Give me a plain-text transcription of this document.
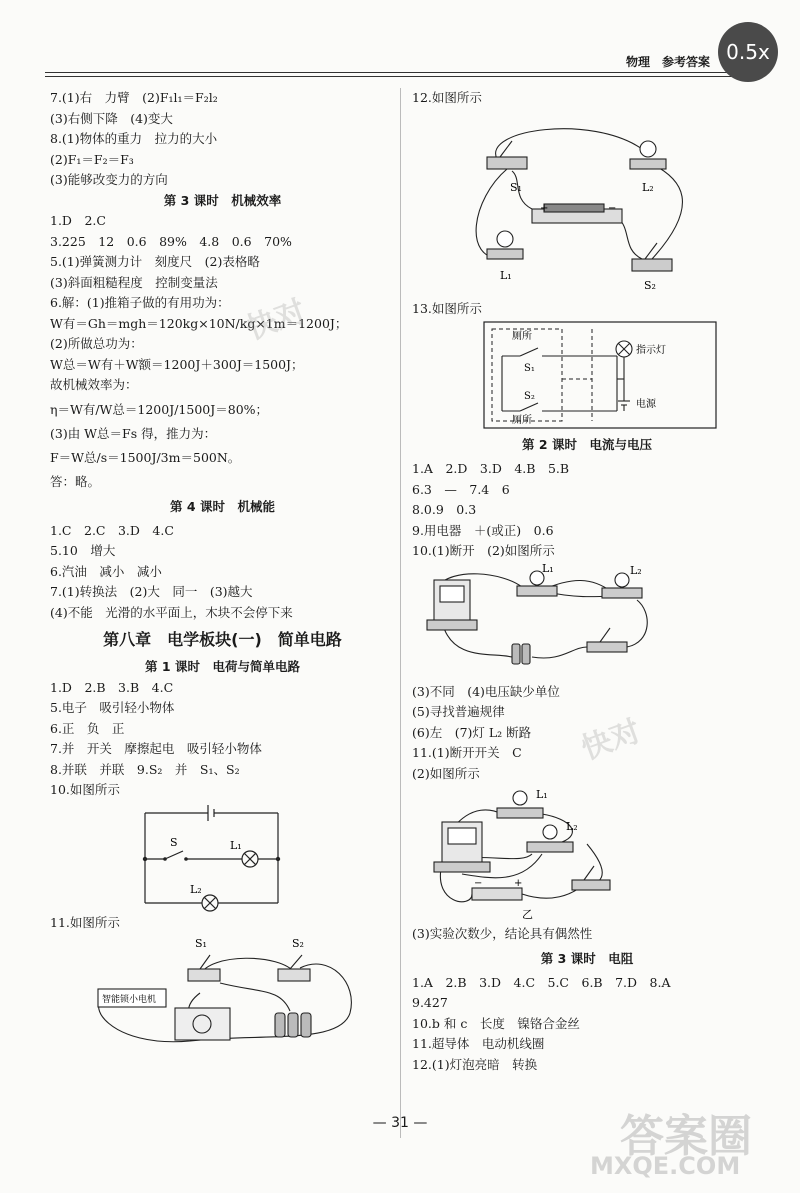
物理　参考答案 0.5x
7.(1)右　力臂　(2)F₁l₁＝F₂l₂
(3)右侧下降　(4)变大
8.(1)物体的重力　拉力的大小
(2)F₁＝F₂＝F₃
(3)能够改变力的方向
第 3 课时　机械效率
1.D　2.C
3.225　12　0.6　89%　4.8　0.6　70%
5.(1)弹簧测力计　刻度尺　(2)表格略
(3)斜面粗糙程度　控制变量法
6.解：(1)推箱子做的有用功为：
W有＝Gh＝mgh＝120kg×10N/kg×1m＝1200J；
(2)所做总功为：
W总＝W有＋W额＝1200J＋300J＝1500J；
故机械效率为：
η＝W有/W总＝1200J/1500J＝80%；
(3)由 W总＝Fs 得，推力为：
F＝W总/s＝1500J/3m＝500N。
答：略。
第 4 课时　机械能
1.C　2.C　3.D　4.C
5.10　增大
6.汽油　减小　减小
7.(1)转换法　(2)大　同一　(3)越大
(4)不能　光滑的水平面上，木块不会停下来
第八章　电学板块(一)　简单电路
第 1 课时　电荷与简单电路
1.D　2.B　3.B　4.C
5.电子　吸引轻小物体
6.正　负　正
7.并　开关　摩擦起电　吸引轻小物体
8.并联　并联　9.S₂　并　S₁、S₂
10.如图所示
S	L₁
L₂
11.如图所示
S₁	S₂
智能锁小电机
12.如图所示
+	−
S₁	L₂
L₁
S₂
13.如图所示
厕所
S₁
S₂
厕所
指示灯
电源
第 2 课时　电流与电压
1.A　2.D　3.D　4.B　5.B
6.3　—　7.4　6
8.0.9　0.3
9.用电器　＋(或正)　0.6
10.(1)断开　(2)如图所示
L₁	L₂
(3)不同　(4)电压缺少单位
(5)寻找普遍规律
(6)左　(7)灯 L₂ 断路
11.(1)断开开关　C
(2)如图所示
−	+
L₁
L₂
乙
(3)实验次数少，结论具有偶然性
第 3 课时　电阻
1.A　2.B　3.D　4.C　5.C　6.B　7.D　8.A
9.427
10.b 和 c　长度　镍铬合金丝
11.超导体　电动机线圈
12.(1)灯泡亮暗　转换
— 31 —
快对
快对
答案圈
MXQE.COM
